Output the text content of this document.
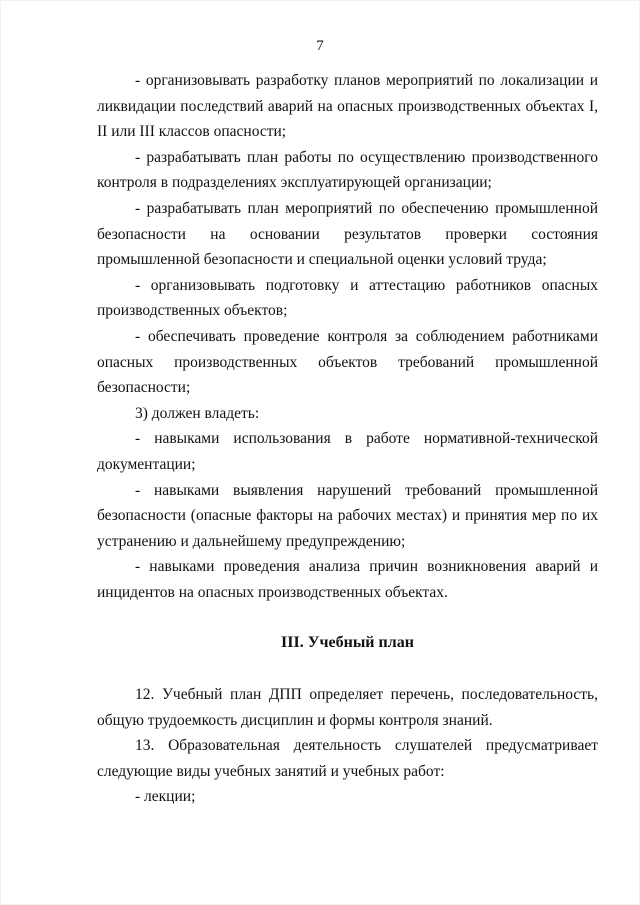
7

- организовывать разработку планов мероприятий по локализации и ликвидации последствий аварий на опасных производственных объектах I, II или III классов опасности;

- разрабатывать план работы по осуществлению производственного контроля в подразделениях эксплуатирующей организации;

- разрабатывать план мероприятий по обеспечению промышленной безопасности на основании результатов проверки состояния промышленной безопасности и специальной оценки условий труда;

- организовывать подготовку и аттестацию работников опасных производственных объектов;

- обеспечивать проведение контроля за соблюдением работниками опасных производственных объектов требований промышленной безопасности;

3) должен владеть:

- навыками использования в работе нормативной-технической документации;

- навыками выявления нарушений требований промышленной безопасности (опасные факторы на рабочих местах) и принятия мер по их устранению и дальнейшему предупреждению;

- навыками проведения анализа причин возникновения аварий и инцидентов на опасных производственных объектах.

III. Учебный план

12. Учебный план ДПП определяет перечень, последовательность, общую трудоемкость дисциплин и формы контроля знаний.

13. Образовательная деятельность слушателей предусматривает следующие виды учебных занятий и учебных работ:

- лекции;
